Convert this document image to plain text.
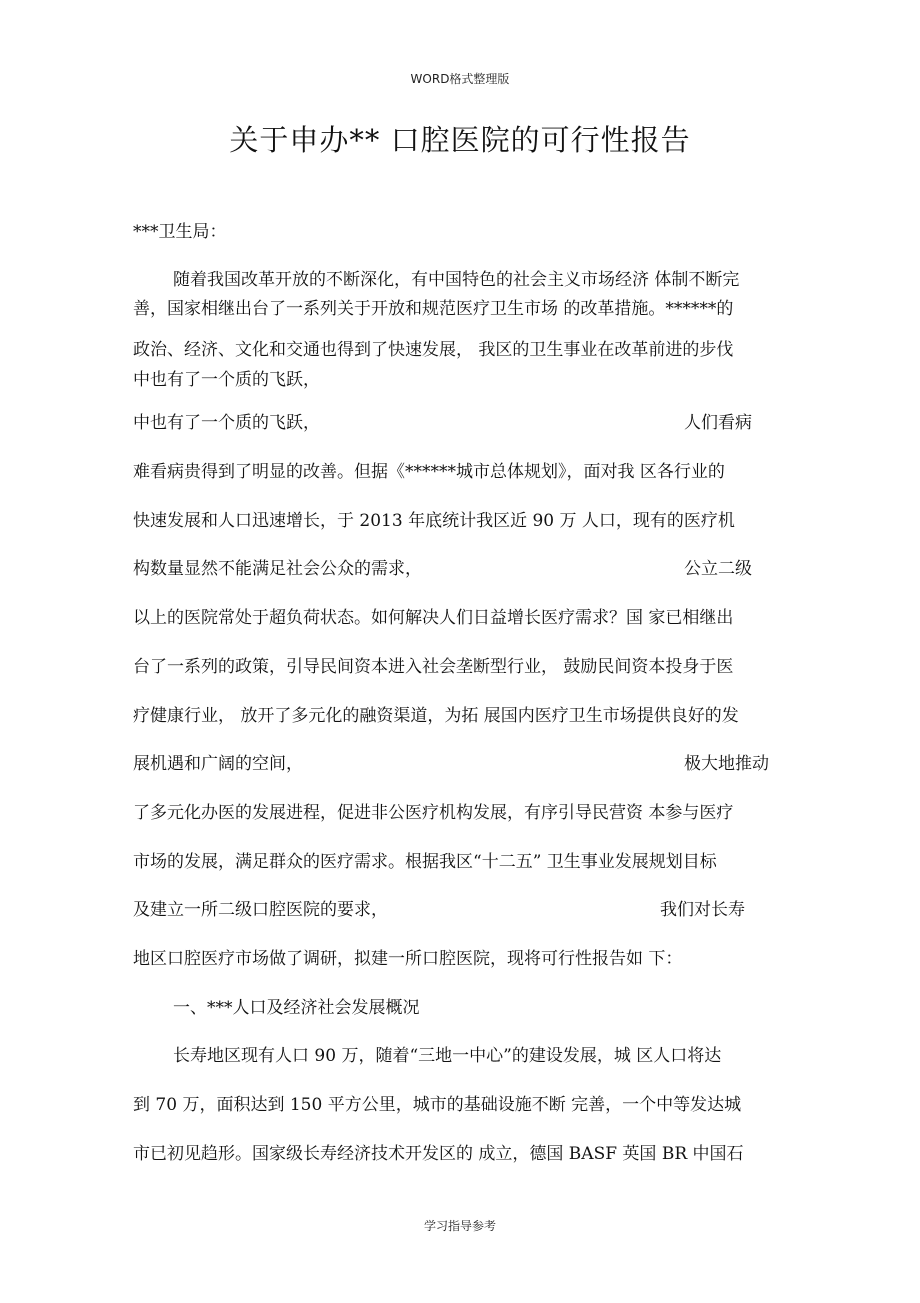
WORD格式整理版
关于申办** 口腔医院的可行性报告
***卫生局：
随着我国改革开放的不断深化，有中国特色的社会主义市场经济 体制不断完
善，国家相继出台了一系列关于开放和规范医疗卫生市场 的改革措施。******的
政治、经济、文化和交通也得到了快速发展， 我区的卫生事业在改革前进的步伐
中也有了一个质的飞跃，
中也有了一个质的飞跃，	人们看病
难看病贵得到了明显的改善。但据《******城市总体规划》，面对我 区各行业的
快速发展和人口迅速增长，于 2013 年底统计我区近 90 万 人口，现有的医疗机
构数量显然不能满足社会公众的需求，	公立二级
以上的医院常处于超负荷状态。如何解决人们日益增长医疗需求？国 家已相继出
台了一系列的政策，引导民间资本进入社会垄断型行业， 鼓励民间资本投身于医
疗健康行业， 放开了多元化的融资渠道，为拓 展国内医疗卫生市场提供良好的发
展机遇和广阔的空间，	极大地推动
了多元化办医的发展进程，促进非公医疗机构发展，有序引导民营资 本参与医疗
市场的发展，满足群众的医疗需求。根据我区“十二五” 卫生事业发展规划目标
及建立一所二级口腔医院的要求，	我们对长寿
地区口腔医疗市场做了调研，拟建一所口腔医院，现将可行性报告如 下：
一、***人口及经济社会发展概况
长寿地区现有人口 90 万，随着“三地一中心”的建设发展，城 区人口将达
到 70 万，面积达到 150 平方公里，城市的基础设施不断 完善，一个中等发达城
市已初见趋形。国家级长寿经济技术开发区的 成立，德国 BASF 英国 BR 中国石
学习指导参考
